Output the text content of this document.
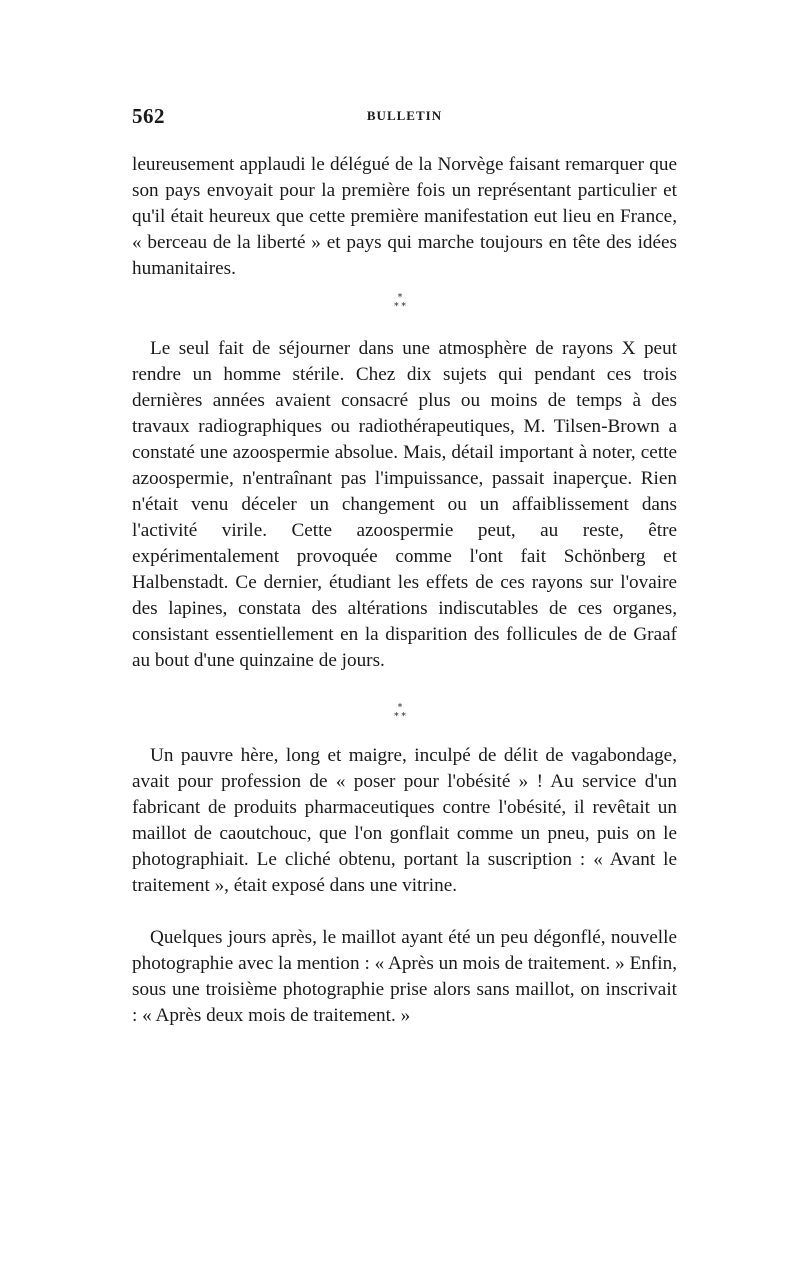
562	BULLETIN

leureusement applaudi le délégué de la Norvège faisant remarquer que son pays envoyait pour la première fois un représentant particulier et qu'il était heureux que cette première manifestation eut lieu en France, « berceau de la liberté » et pays qui marche toujours en tête des idées humanitaires.

*
* *

Le seul fait de séjourner dans une atmosphère de rayons X peut rendre un homme stérile. Chez dix sujets qui pendant ces trois dernières années avaient consacré plus ou moins de temps à des travaux radiographiques ou radiothérapeutiques, M. Tilsen-Brown a constaté une azoospermie absolue. Mais, détail important à noter, cette azoospermie, n'entraînant pas l'impuissance, passait inaperçue. Rien n'était venu déceler un changement ou un affaiblissement dans l'activité virile. Cette azoospermie peut, au reste, être expérimentalement provoquée comme l'ont fait Schönberg et Halbenstadt. Ce dernier, étudiant les effets de ces rayons sur l'ovaire des lapines, constata des altérations indiscutables de ces organes, consistant essentiellement en la disparition des follicules de de Graaf au bout d'une quinzaine de jours.

*
* *

Un pauvre hère, long et maigre, inculpé de délit de vagabondage, avait pour profession de « poser pour l'obésité » ! Au service d'un fabricant de produits pharmaceutiques contre l'obésité, il revêtait un maillot de caoutchouc, que l'on gonflait comme un pneu, puis on le photographiait. Le cliché obtenu, portant la suscription : « Avant le traitement », était exposé dans une vitrine.

Quelques jours après, le maillot ayant été un peu dégonflé, nouvelle photographie avec la mention : « Après un mois de traitement. » Enfin, sous une troisième photographie prise alors sans maillot, on inscrivait : « Après deux mois de traitement. »
